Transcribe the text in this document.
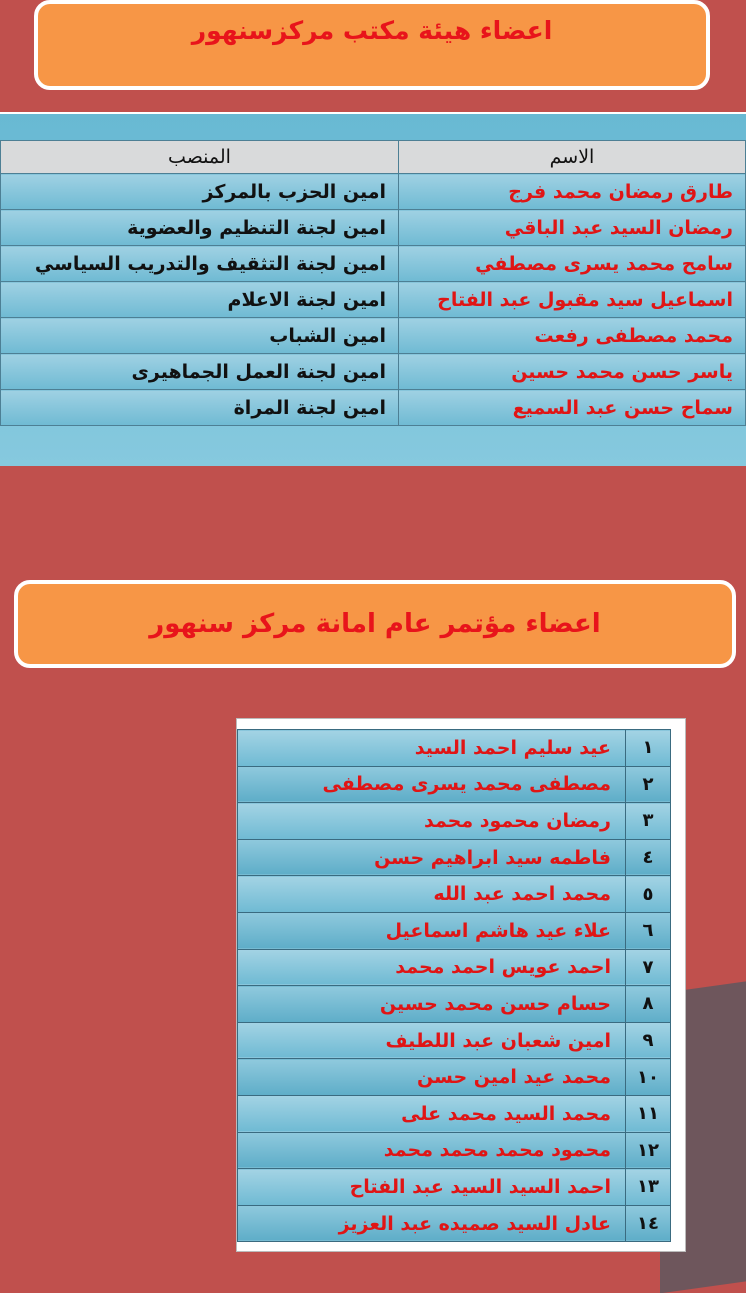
اعضاء هيئة مكتب مركزسنهور
الاسم	المنصب
طارق رمضان محمد فرج	امين الحزب بالمركز
رمضان السيد عبد الباقي	امين لجنة التنظيم والعضوية
سامح محمد يسرى مصطفي	امين لجنة التثقيف والتدريب السياسي
اسماعيل سيد مقبول عبد الفتاح	امين لجنة الاعلام
محمد مصطفى رفعت	امين الشباب
ياسر حسن محمد حسين	امين لجنة العمل الجماهيرى
سماح حسن عبد السميع	امين لجنة المراة
اعضاء مؤتمر عام امانة مركز سنهور
١	عيد سليم احمد السيد
٢	مصطفى محمد يسرى مصطفى
٣	رمضان محمود محمد
٤	فاطمه سيد ابراهيم حسن
٥	محمد احمد عبد الله
٦	علاء عيد هاشم اسماعيل
٧	احمد عويس احمد محمد
٨	حسام حسن محمد حسين
٩	امين شعبان عبد اللطيف
١٠	محمد عيد امين حسن
١١	محمد السيد محمد على
١٢	محمود محمد محمد محمد
١٣	احمد السيد السيد عبد الفتاح
١٤	عادل السيد صميده عبد العزيز
